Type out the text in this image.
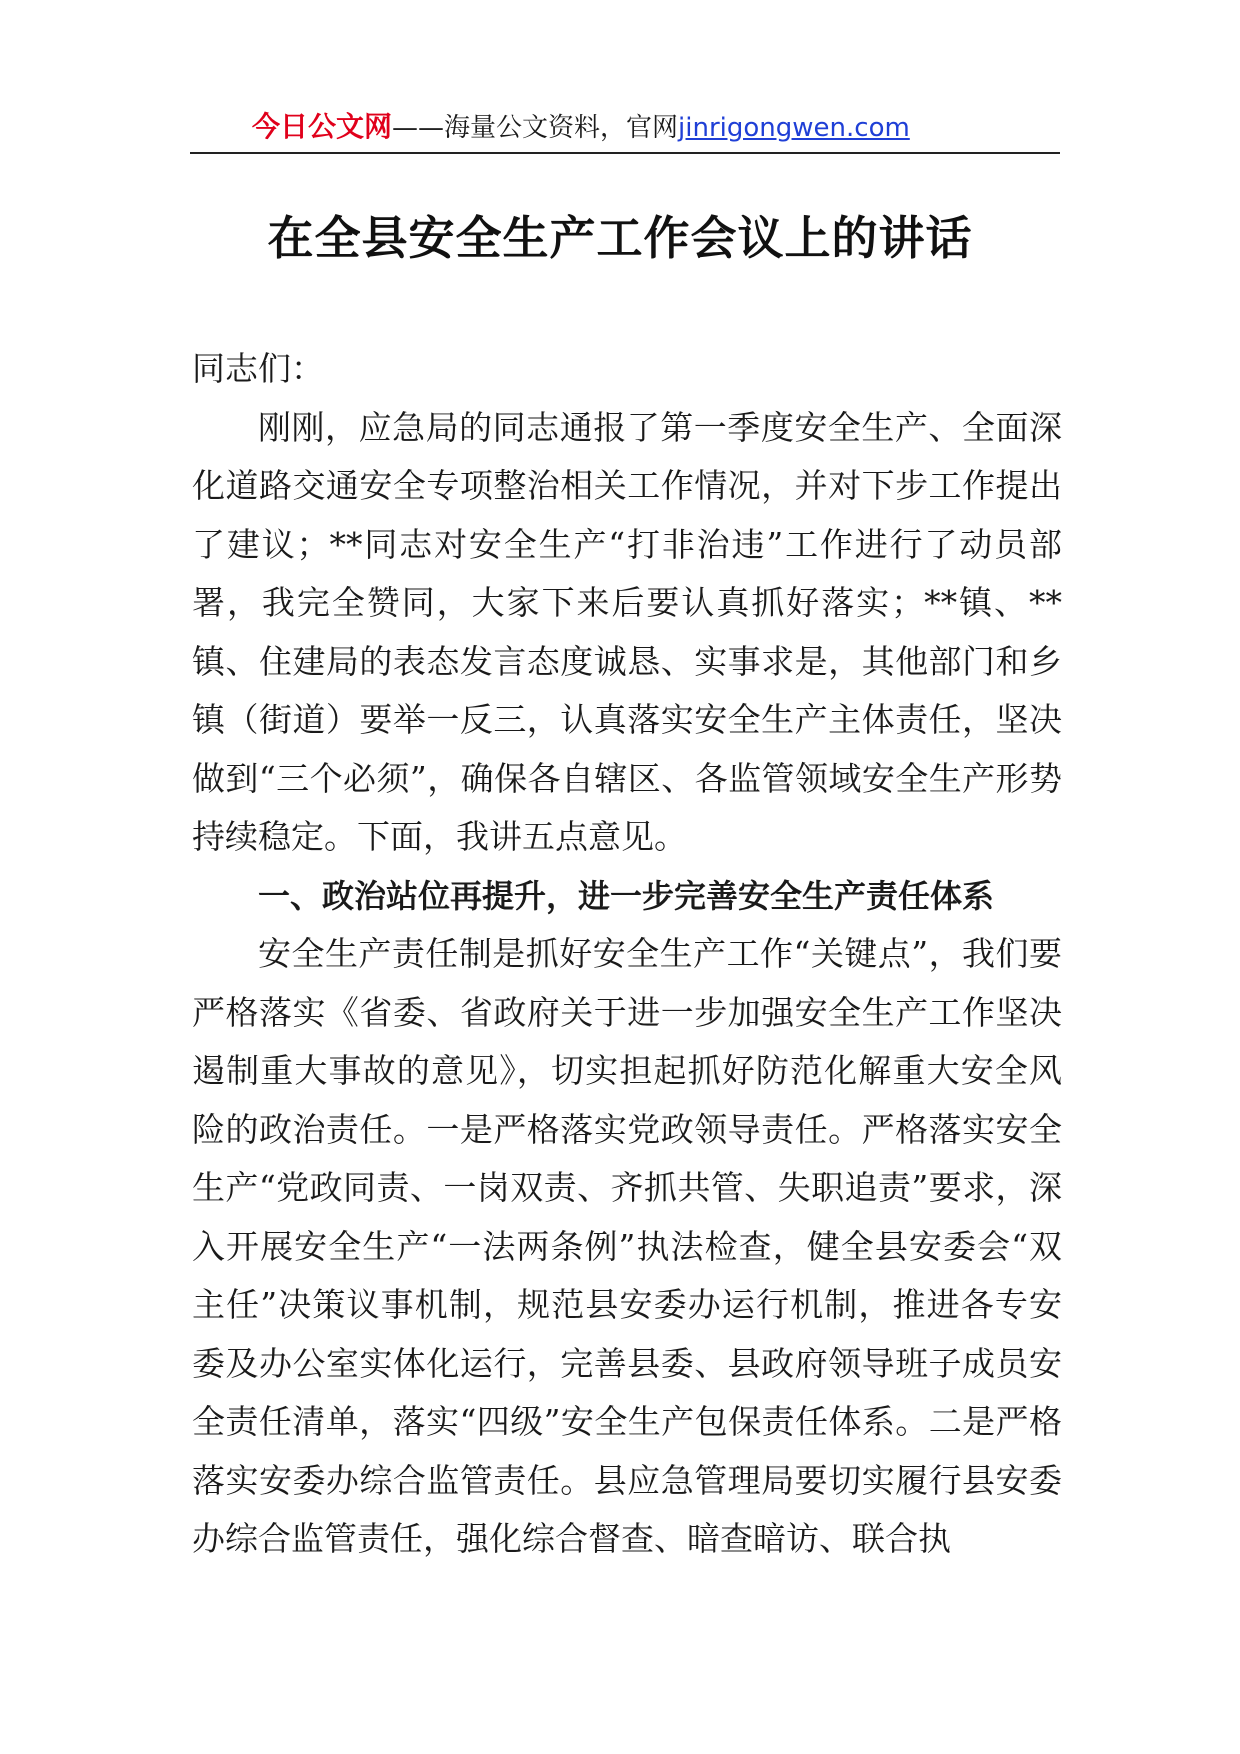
今日公文网——海量公文资料，官网jinrigongwen.com
在全县安全生产工作会议上的讲话

同志们：

刚刚，应急局的同志通报了第一季度安全生产、全面深化道路交通安全专项整治相关工作情况，并对下步工作提出了建议；**同志对安全生产“打非治违”工作进行了动员部署，我完全赞同，大家下来后要认真抓好落实；**镇、**镇、住建局的表态发言态度诚恳、实事求是，其他部门和乡镇（街道）要举一反三，认真落实安全生产主体责任，坚决做到“三个必须”，确保各自辖区、各监管领域安全生产形势持续稳定。下面，我讲五点意见。

一、政治站位再提升，进一步完善安全生产责任体系

安全生产责任制是抓好安全生产工作“关键点”，我们要严格落实《省委、省政府关于进一步加强安全生产工作坚决遏制重大事故的意见》，切实担起抓好防范化解重大安全风险的政治责任。一是严格落实党政领导责任。严格落实安全生产“党政同责、一岗双责、齐抓共管、失职追责”要求，深入开展安全生产“一法两条例”执法检查，健全县安委会“双主任”决策议事机制，规范县安委办运行机制，推进各专安委及办公室实体化运行，完善县委、县政府领导班子成员安全责任清单，落实“四级”安全生产包保责任体系。二是严格落实安委办综合监管责任。县应急管理局要切实履行县安委办综合监管责任，强化综合督查、暗查暗访、联合执
